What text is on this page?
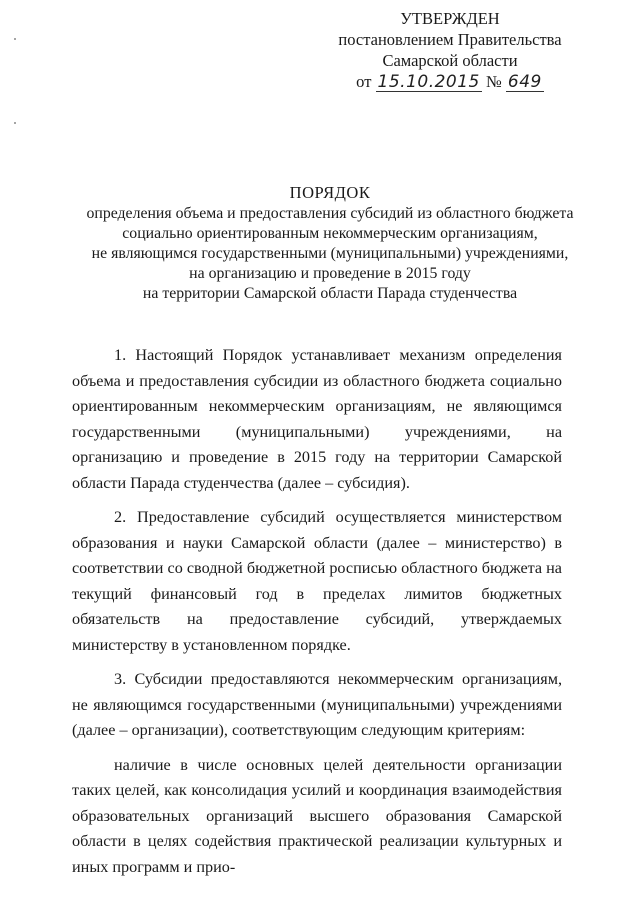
УТВЕРЖДЕН
постановлением Правительства
Самарской области
от 15.10.2015 № 649
ПОРЯДОК
определения объема и предоставления субсидий из областного бюджета
социально ориентированным некоммерческим организациям,
не являющимся государственными (муниципальными) учреждениями,
на организацию и проведение в 2015 году
на территории Самарской области Парада студенчества

1. Настоящий Порядок устанавливает механизм определения объема и предоставления субсидии из областного бюджета социально ориентированным некоммерческим организациям, не являющимся государственными (муниципальными) учреждениями, на организацию и проведение в 2015 году на территории Самарской области Парада студенчества (далее – субсидия).

2. Предоставление субсидий осуществляется министерством образования и науки Самарской области (далее – министерство) в соответствии со сводной бюджетной росписью областного бюджета на текущий финансовый год в пределах лимитов бюджетных обязательств на предоставление субсидий, утверждаемых министерству в установленном порядке.

3. Субсидии предоставляются некоммерческим организациям, не являющимся государственными (муниципальными) учреждениями (далее – организации), соответствующим следующим критериям:

наличие в числе основных целей деятельности организации таких целей, как консолидация усилий и координация взаимодействия образовательных организаций высшего образования Самарской области в целях содействия практической реализации культурных и иных программ и прио-
